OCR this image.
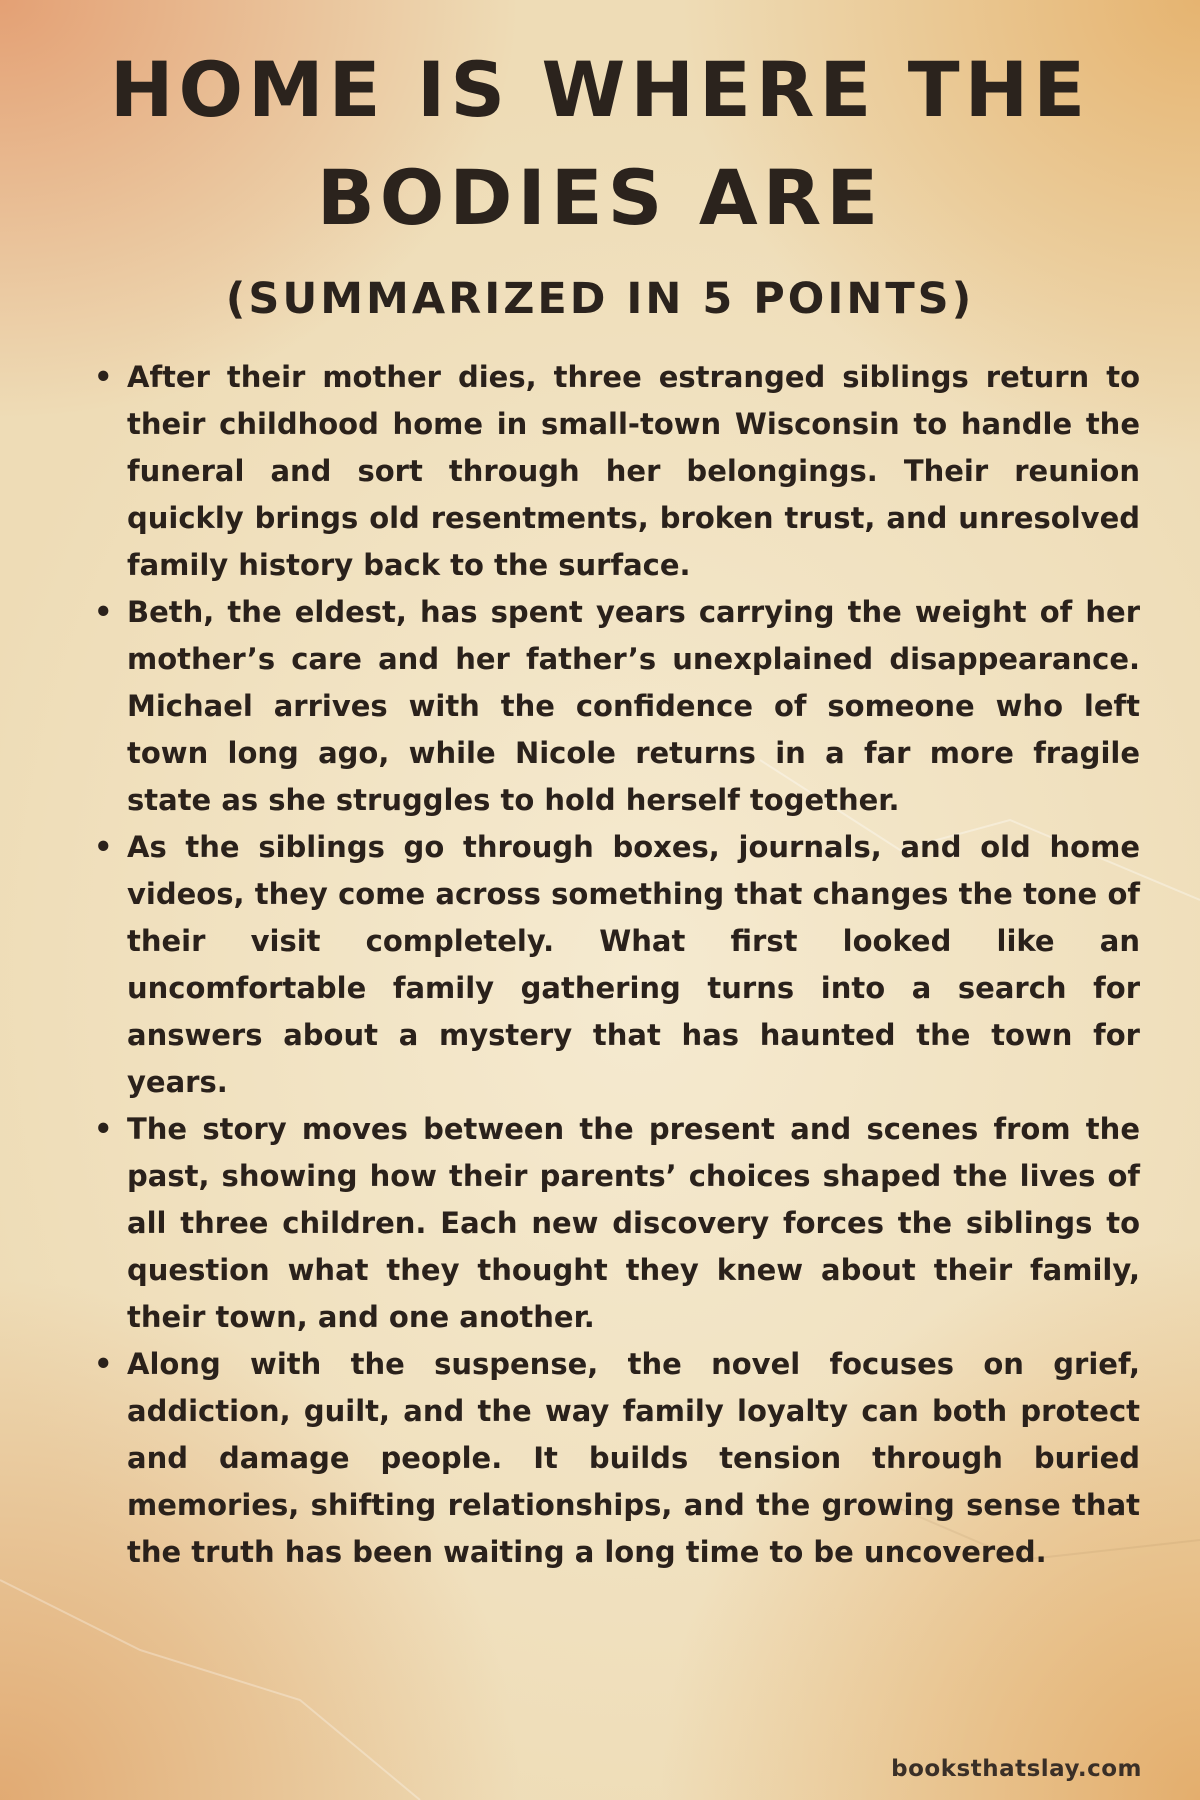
HOME IS WHERE THE BODIES ARE
(SUMMARIZED IN 5 POINTS)
• After their mother dies, three estranged siblings return to their childhood home in small-town Wisconsin to handle the funeral and sort through her belongings. Their reunion quickly brings old resentments, broken trust, and unresolved family history back to the surface.
• Beth, the eldest, has spent years carrying the weight of her mother’s care and her father’s unexplained disappearance. Michael arrives with the confidence of someone who left town long ago, while Nicole returns in a far more fragile state as she struggles to hold herself together.
• As the siblings go through boxes, journals, and old home videos, they come across something that changes the tone of their visit completely. What first looked like an uncomfortable family gathering turns into a search for answers about a mystery that has haunted the town for years.
• The story moves between the present and scenes from the past, showing how their parents’ choices shaped the lives of all three children. Each new discovery forces the siblings to question what they thought they knew about their family, their town, and one another.
• Along with the suspense, the novel focuses on grief, addiction, guilt, and the way family loyalty can both protect and damage people. It builds tension through buried memories, shifting relationships, and the growing sense that the truth has been waiting a long time to be uncovered.
booksthatslay.com
